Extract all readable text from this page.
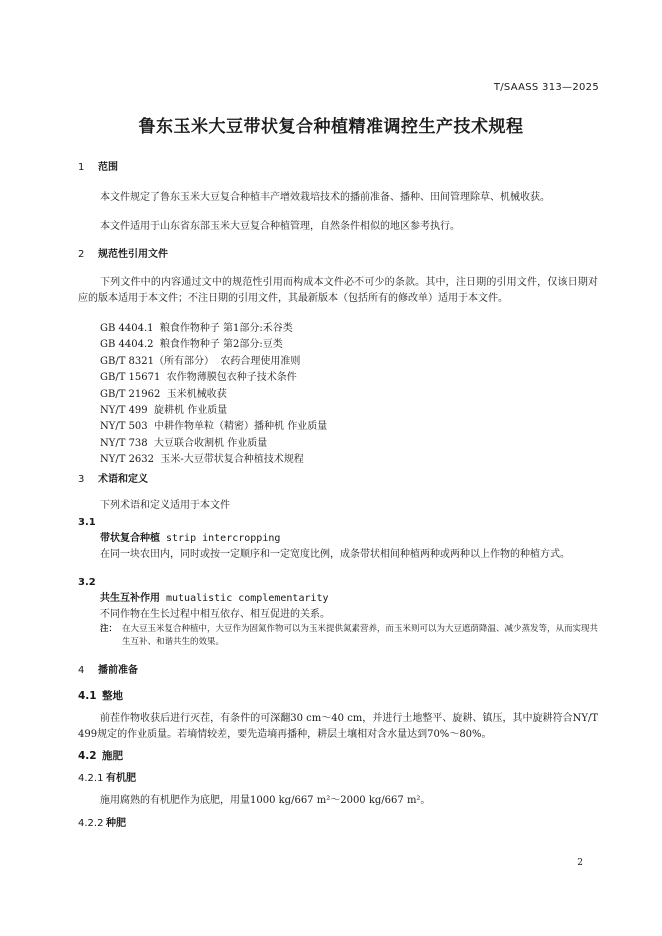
T/SAASS 313—2025
鲁东玉米大豆带状复合种植精准调控生产技术规程
1 范围
本文件规定了鲁东玉米大豆复合种植丰产增效栽培技术的播前准备、播种、田间管理除草、机械收获。
本文件适用于山东省东部玉米大豆复合种植管理，自然条件相似的地区参考执行。
2 规范性引用文件
下列文件中的内容通过文中的规范性引用而构成本文件必不可少的条款。其中，注日期的引用文件，仅该日期对应的版本适用于本文件；不注日期的引用文件，其最新版本（包括所有的修改单）适用于本文件。
GB 4404.1  粮食作物种子 第1部分:禾谷类
GB 4404.2  粮食作物种子 第2部分:豆类
GB/T 8321（所有部分）  农药合理使用准则
GB/T 15671  农作物薄膜包衣种子技术条件
GB/T 21962  玉米机械收获
NY/T 499  旋耕机 作业质量
NY/T 503  中耕作物单粒（精密）播种机 作业质量
NY/T 738  大豆联合收割机 作业质量
NY/T 2632  玉米-大豆带状复合种植技术规程
3 术语和定义
下列术语和定义适用于本文件
3.1
带状复合种植 strip intercropping
在同一块农田内，同时或按一定顺序和一定宽度比例，成条带状相间种植两种或两种以上作物的种植方式。
3.2
共生互补作用 mutualistic complementarity
不同作物在生长过程中相互依存、相互促进的关系。
注： 在大豆玉米复合种植中，大豆作为固氮作物可以为玉米提供氮素营养，而玉米则可以为大豆遮荫降温、减少蒸发等，从而实现共生互补、和谐共生的效果。
4 播前准备
4.1 整地
前茬作物收获后进行灭茬，有条件的可深翻30 cm～40 cm，并进行土地整平、旋耕、镇压，其中旋耕符合NY/T 499规定的作业质量。若墒情较差，要先造墒再播种，耕层土壤相对含水量达到70%～80%。
4.2 施肥
4.2.1 有机肥
施用腐熟的有机肥作为底肥，用量1000 kg/667 m²～2000 kg/667 m²。
4.2.2 种肥
2
